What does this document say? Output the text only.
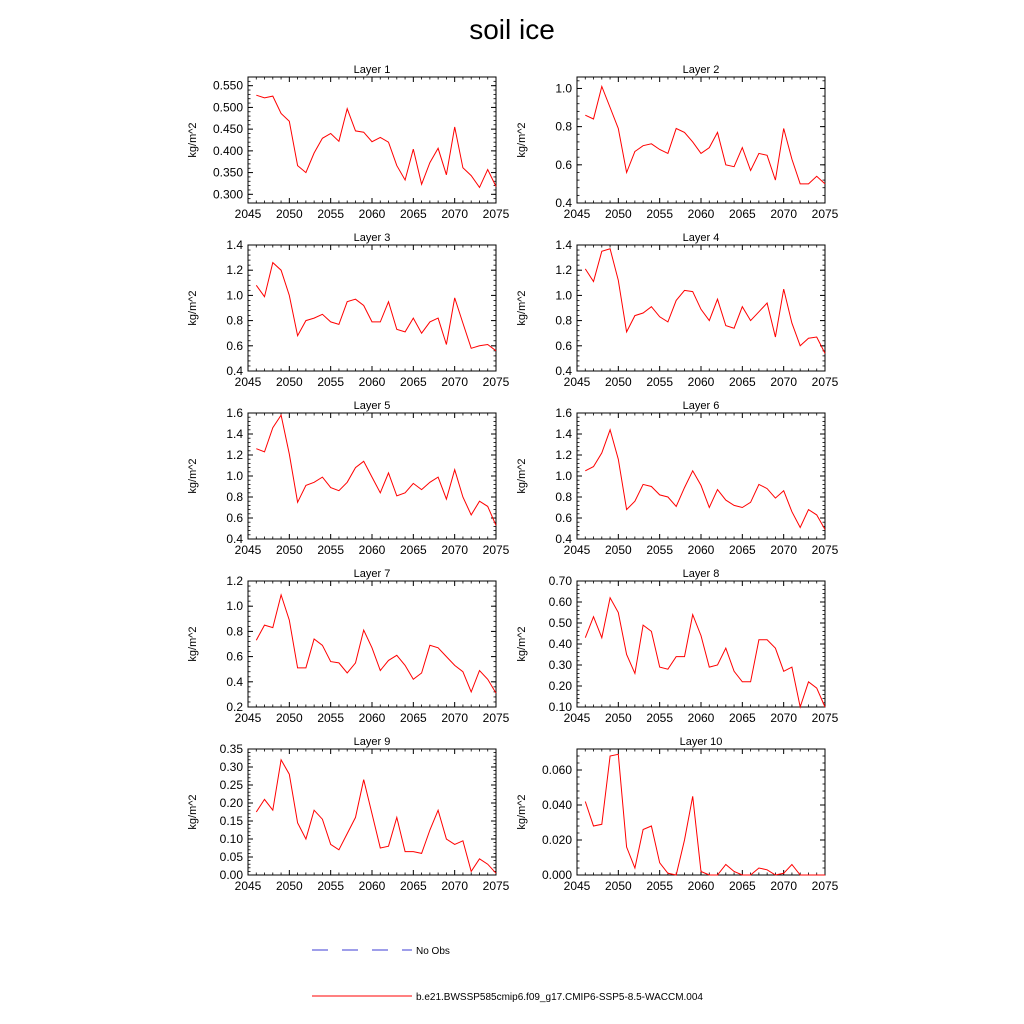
soil ice
Layer 1
kg/m^2
2045 2050 2055 2060 2065 2070 2075
0.300
0.350
0.400
0.450
0.500
0.550
Layer 2
kg/m^2
2045 2050 2055 2060 2065 2070 2075
0.4
0.6
0.8
1.0
Layer 3
kg/m^2
2045 2050 2055 2060 2065 2070 2075
0.4
0.6
0.8
1.0
1.2
1.4	Layer 4
kg/m^2
2045 2050 2055 2060 2065 2070 2075
0.4
0.6
0.8
1.0
1.2
1.4
Layer 5
kg/m^2
2045 2050 2055 2060 2065 2070 2075
0.4
0.6
0.8
1.0
1.2
1.4
1.6	Layer 6
kg/m^2
2045 2050 2055 2060 2065 2070 2075
0.4
0.6
0.8
1.0
1.2
1.4
1.6
Layer 7
kg/m^2
2045 2050 2055 2060 2065 2070 2075
0.2
0.4
0.6
0.8
1.0
1.2	Layer 8
kg/m^2
2045 2050 2055 2060 2065 2070 2075
0.10
0.20
0.30
0.40
0.50
0.60
0.70
Layer 9
kg/m^2
2045 2050 2055 2060 2065 2070 2075
0.00
0.05
0.10
0.15
0.20
0.25
0.30
0.35	Layer 10
kg/m^2
2045 2050 2055 2060 2065 2070 2075
0.000
0.020
0.040
0.060
No Obs
b.e21.BWSSP585cmip6.f09_g17.CMIP6-SSP5-8.5-WACCM.004
